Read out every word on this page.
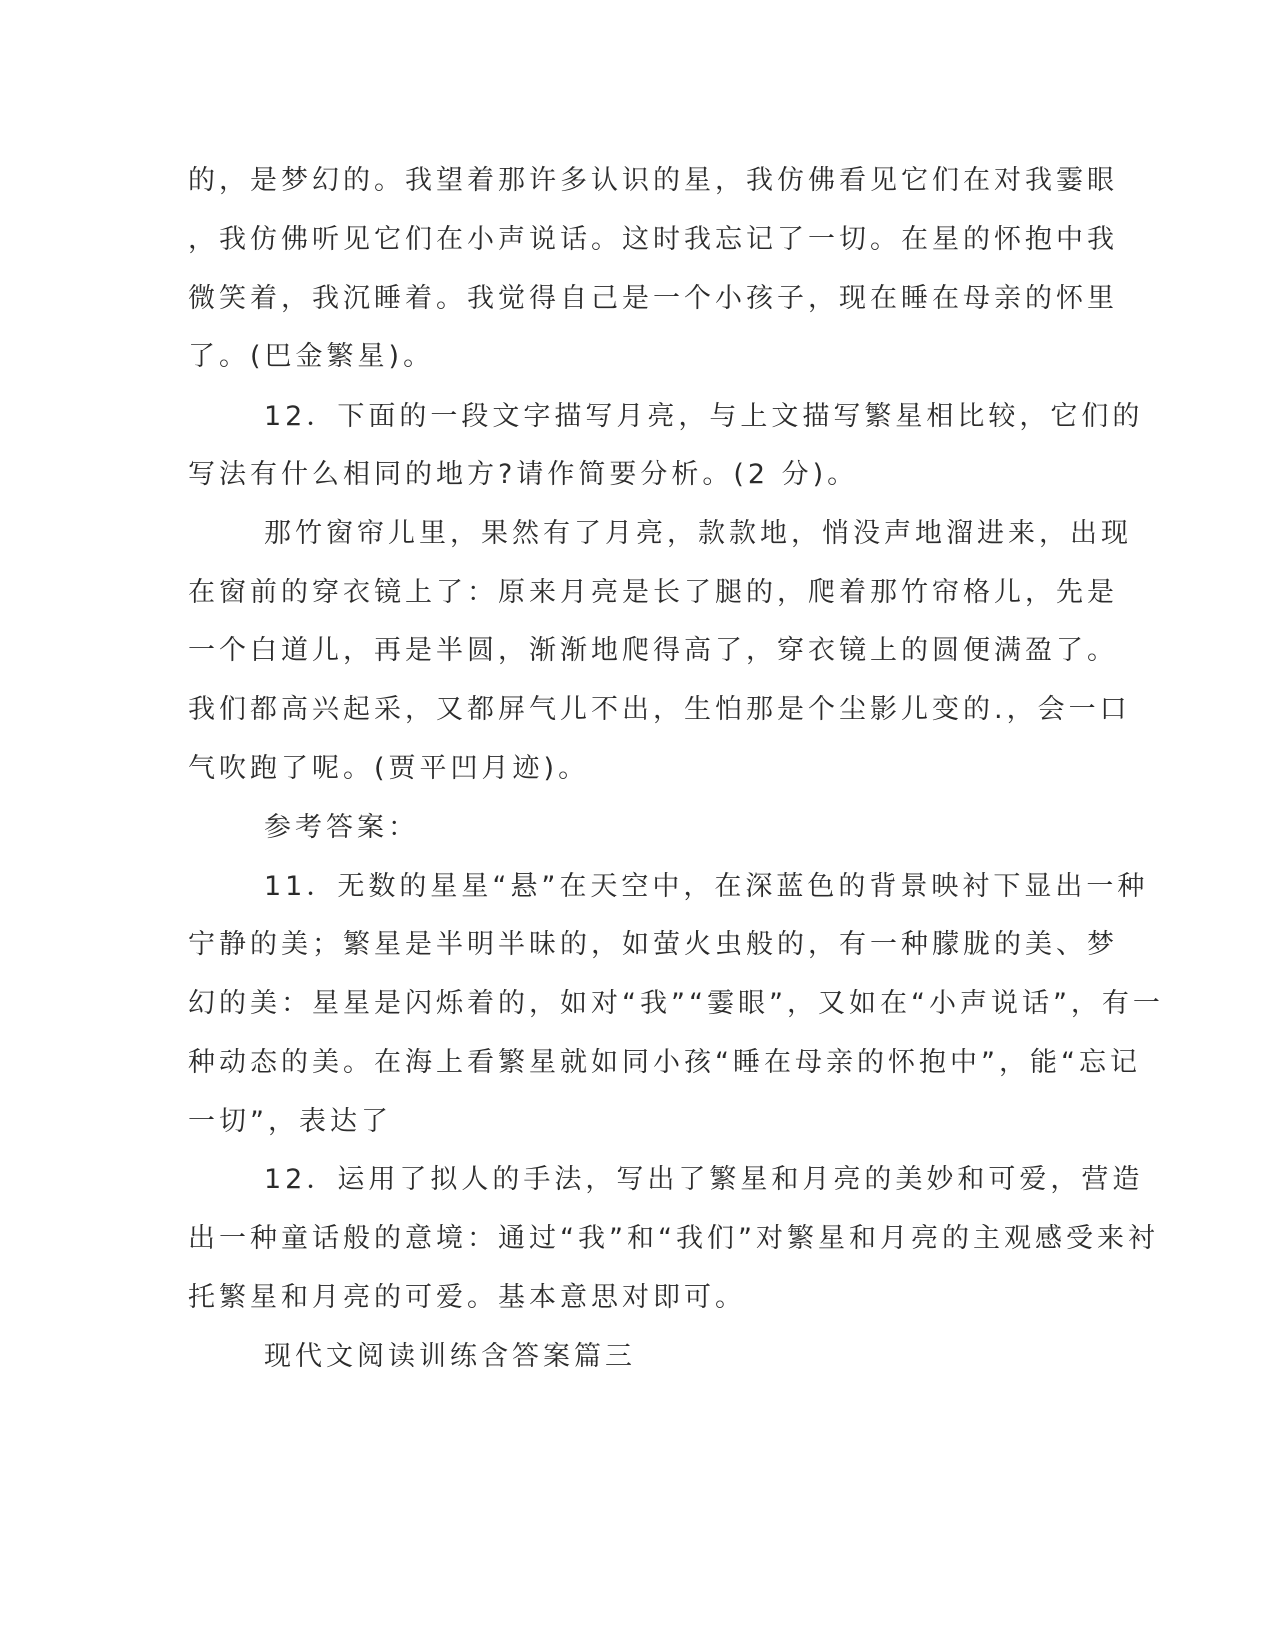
的，是梦幻的。我望着那许多认识的星，我仿佛看见它们在对我霎眼
，我仿佛听见它们在小声说话。这时我忘记了一切。在星的怀抱中我
微笑着，我沉睡着。我觉得自己是一个小孩子，现在睡在母亲的怀里
了。(巴金繁星)。
12．下面的一段文字描写月亮，与上文描写繁星相比较，它们的
写法有什么相同的地方?请作简要分析。(2 分)。
那竹窗帘儿里，果然有了月亮，款款地，悄没声地溜进来，出现
在窗前的穿衣镜上了：原来月亮是长了腿的，爬着那竹帘格儿，先是
一个白道儿，再是半圆，渐渐地爬得高了，穿衣镜上的圆便满盈了。
我们都高兴起采，又都屏气儿不出，生怕那是个尘影儿变的.，会一口
气吹跑了呢。(贾平凹月迹)。
参考答案：
11．无数的星星“悬”在天空中，在深蓝色的背景映衬下显出一种
宁静的美；繁星是半明半昧的，如萤火虫般的，有一种朦胧的美、梦
幻的美：星星是闪烁着的，如对“我”“霎眼”，又如在“小声说话”，有一
种动态的美。在海上看繁星就如同小孩“睡在母亲的怀抱中”，能“忘记
一切”，表达了
12．运用了拟人的手法，写出了繁星和月亮的美妙和可爱，营造
出一种童话般的意境：通过“我”和“我们”对繁星和月亮的主观感受来衬
托繁星和月亮的可爱。基本意思对即可。
现代文阅读训练含答案篇三
